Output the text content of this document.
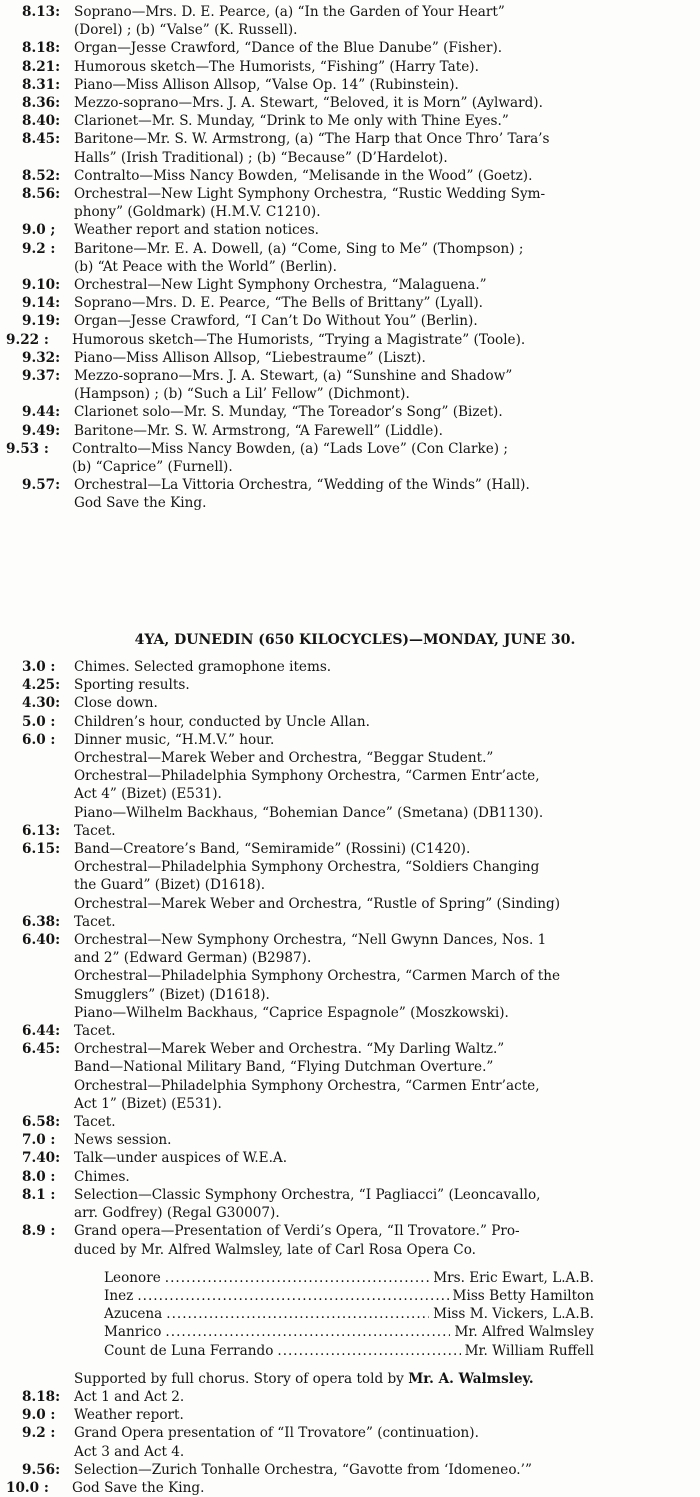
8.13:	Soprano—Mrs. D. E. Pearce, (a) “In the Garden of Your Heart”
(Dorel) ; (b) “Valse” (K. Russell).
8.18:	Organ—Jesse Crawford, “Dance of the Blue Danube” (Fisher).
8.21:	Humorous sketch—The Humorists, “Fishing” (Harry Tate).
8.31:	Piano—Miss Allison Allsop, “Valse Op. 14” (Rubinstein).
8.36:	Mezzo-soprano—Mrs. J. A. Stewart, “Beloved, it is Morn” (Aylward).
8.40:	Clarionet—Mr. S. Munday, “Drink to Me only with Thine Eyes.”
8.45:	Baritone—Mr. S. W. Armstrong, (a) “The Harp that Once Thro’ Tara’s
Halls” (Irish Traditional) ; (b) “Because” (D’Hardelot).
8.52:	Contralto—Miss Nancy Bowden, “Melisande in the Wood” (Goetz).
8.56:	Orchestral—New Light Symphony Orchestra, “Rustic Wedding Sym-
phony” (Goldmark) (H.M.V. C1210).
9.0 ;	Weather report and station notices.
9.2 :	Baritone—Mr. E. A. Dowell, (a) “Come, Sing to Me” (Thompson) ;
(b) “At Peace with the World” (Berlin).
9.10:	Orchestral—New Light Symphony Orchestra, “Malaguena.”
9.14:	Soprano—Mrs. D. E. Pearce, “The Bells of Brittany” (Lyall).
9.19:	Organ—Jesse Crawford, “I Can’t Do Without You” (Berlin).
9.22 :	Humorous sketch—The Humorists, “Trying a Magistrate” (Toole).
9.32:	Piano—Miss Allison Allsop, “Liebestraume” (Liszt).
9.37:	Mezzo-soprano—Mrs. J. A. Stewart, (a) “Sunshine and Shadow”
(Hampson) ; (b) “Such a Lil’ Fellow” (Dichmont).
9.44:	Clarionet solo—Mr. S. Munday, “The Toreador’s Song” (Bizet).
9.49:	Baritone—Mr. S. W. Armstrong, “A Farewell” (Liddle).
9.53 :	Contralto—Miss Nancy Bowden, (a) “Lads Love” (Con Clarke) ;
(b) “Caprice” (Furnell).
9.57:	Orchestral—La Vittoria Orchestra, “Wedding of the Winds” (Hall).
God Save the King.
4YA, DUNEDIN (650 KILOCYCLES)—MONDAY, JUNE 30.
3.0 :	Chimes. Selected gramophone items.
4.25:	Sporting results.
4.30:	Close down.
5.0 :	Children’s hour, conducted by Uncle Allan.
6.0 :	Dinner music, “H.M.V.” hour.
Orchestral—Marek Weber and Orchestra, “Beggar Student.”
Orchestral—Philadelphia Symphony Orchestra, “Carmen Entr’acte,
Act 4” (Bizet) (E531).
Piano—Wilhelm Backhaus, “Bohemian Dance” (Smetana) (DB1130).
6.13:	Tacet.
6.15:	Band—Creatore’s Band, “Semiramide” (Rossini) (C1420).
Orchestral—Philadelphia Symphony Orchestra, “Soldiers Changing
the Guard” (Bizet) (D1618).
Orchestral—Marek Weber and Orchestra, “Rustle of Spring” (Sinding)
6.38:	Tacet.
6.40:	Orchestral—New Symphony Orchestra, “Nell Gwynn Dances, Nos. 1
and 2” (Edward German) (B2987).
Orchestral—Philadelphia Symphony Orchestra, “Carmen March of the
Smugglers” (Bizet) (D1618).
Piano—Wilhelm Backhaus, “Caprice Espagnole” (Moszkowski).
6.44:	Tacet.
6.45:	Orchestral—Marek Weber and Orchestra. “My Darling Waltz.”
Band—National Military Band, “Flying Dutchman Overture.”
Orchestral—Philadelphia Symphony Orchestra, “Carmen Entr’acte,
Act 1” (Bizet) (E531).
6.58:	Tacet.
7.0 :	News session.
7.40:	Talk—under auspices of W.E.A.
8.0 :	Chimes.
8.1 :	Selection—Classic Symphony Orchestra, “I Pagliacci” (Leoncavallo,
arr. Godfrey) (Regal G30007).
8.9 :	Grand opera—Presentation of Verdi’s Opera, “Il Trovatore.” Pro-
duced by Mr. Alfred Walmsley, late of Carl Rosa Opera Co.
Leonore .....	Mrs. Eric Ewart, L.A.B.
Inez .....	Miss Betty Hamilton
Azucena .....	Miss M. Vickers, L.A.B.
Manrico .....	Mr. Alfred Walmsley
Count de Luna Ferrando .....	Mr. William Ruffell
Supported by full chorus. Story of opera told by Mr. A. Walmsley.
8.18:	Act 1 and Act 2.
9.0 :	Weather report.
9.2 :	Grand Opera presentation of “Il Trovatore” (continuation).
Act 3 and Act 4.
9.56:	Selection—Zurich Tonhalle Orchestra, “Gavotte from ‘Idomeneo.’”
10.0 :	God Save the King.
